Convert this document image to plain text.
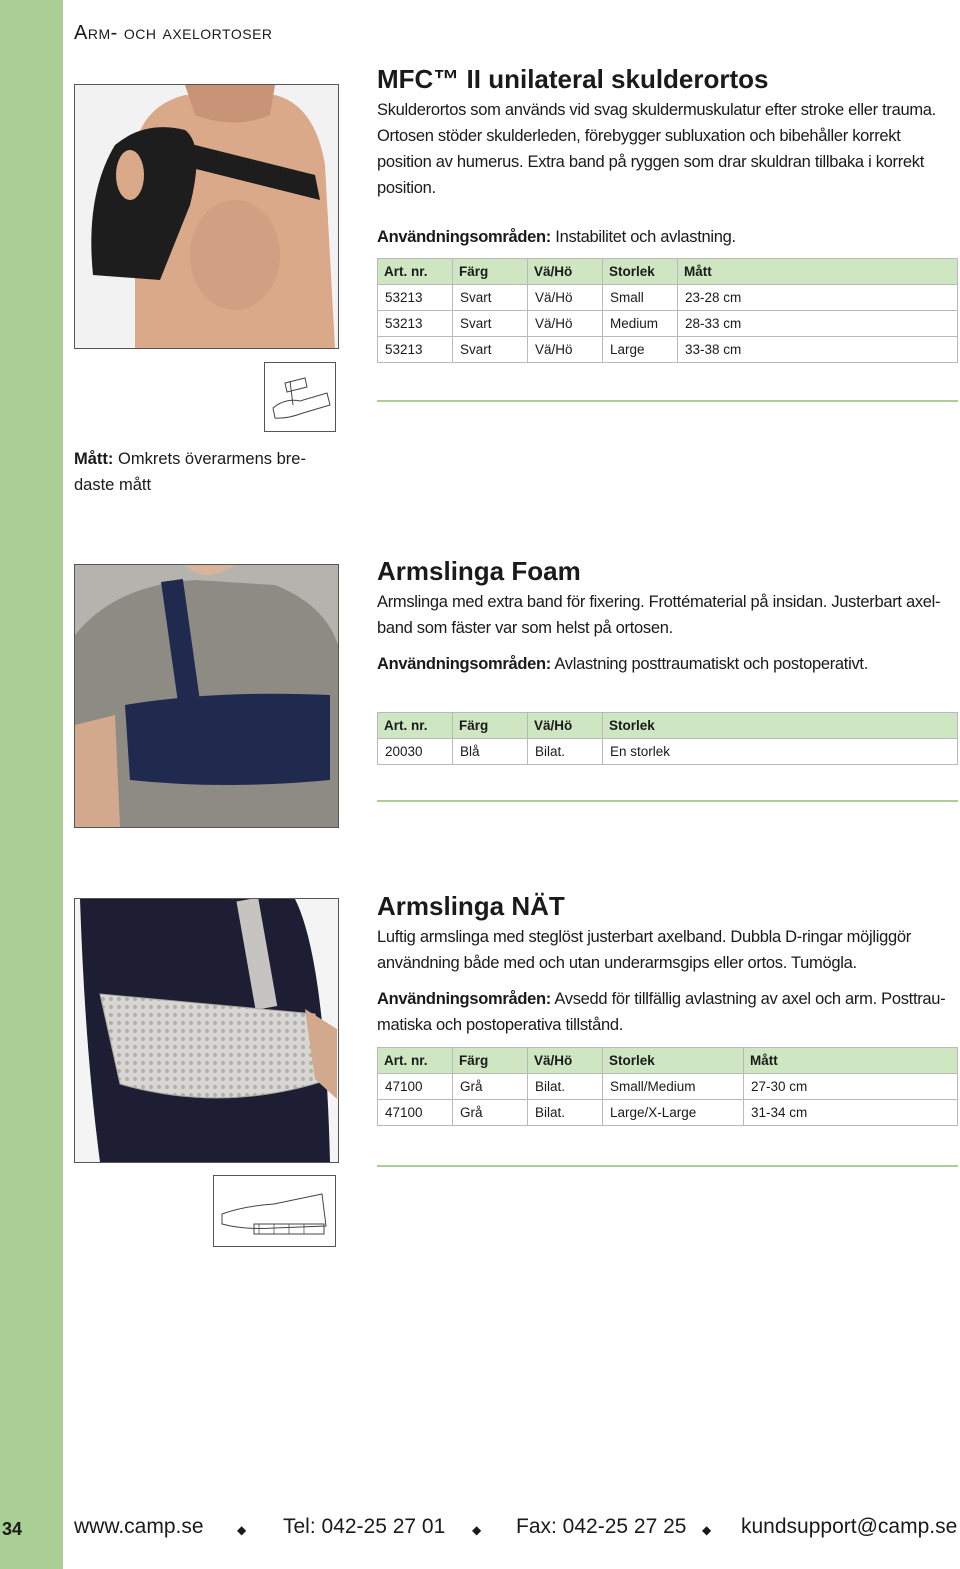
Arm- och axelortoser
MFC™ II unilateral skulderortos

Skulderortos som används vid svag skuldermuskulatur efter stroke eller trauma. Ortosen stöder skulderleden, förebygger subluxation och bibehåller korrekt position av humerus. Extra band på ryggen som drar skuldran tillbaka i korrekt position.

Användningsområden: Instabilitet och avlastning.

Art. nr.	Färg	Vä/Hö	Storlek	Mått
53213	Svart	Vä/Hö	Small	23-28 cm
53213	Svart	Vä/Hö	Medium	28-33 cm
53213	Svart	Vä/Hö	Large	33-38 cm

Mått: Omkrets överarmens bre-daste mått

Armslinga Foam

Armslinga med extra band för fixering. Frottématerial på insidan. Justerbart axel-band som fäster var som helst på ortosen.

Användningsområden: Avlastning posttraumatiskt och postoperativt.

Art. nr.	Färg	Vä/Hö	Storlek
20030	Blå	Bilat.	En storlek
Armslinga NÄT

Luftig armslinga med steglöst justerbart axelband. Dubbla D-ringar möjliggör användning både med och utan underarmsgips eller ortos. Tumögla.

Användningsområden: Avsedd för tillfällig avlastning av axel och arm. Posttrau-matiska och postoperativa tillstånd.

Art. nr.	Färg	Vä/Hö	Storlek	Mått
47100	Grå	Bilat.	Small/Medium	27-30 cm
47100	Grå	Bilat.	Large/X-Large	31-34 cm
34 www.camp.se	◆ Tel: 042-25 27 01 ◆ Fax: 042-25 27 25 ◆ kundsupport@camp.se
